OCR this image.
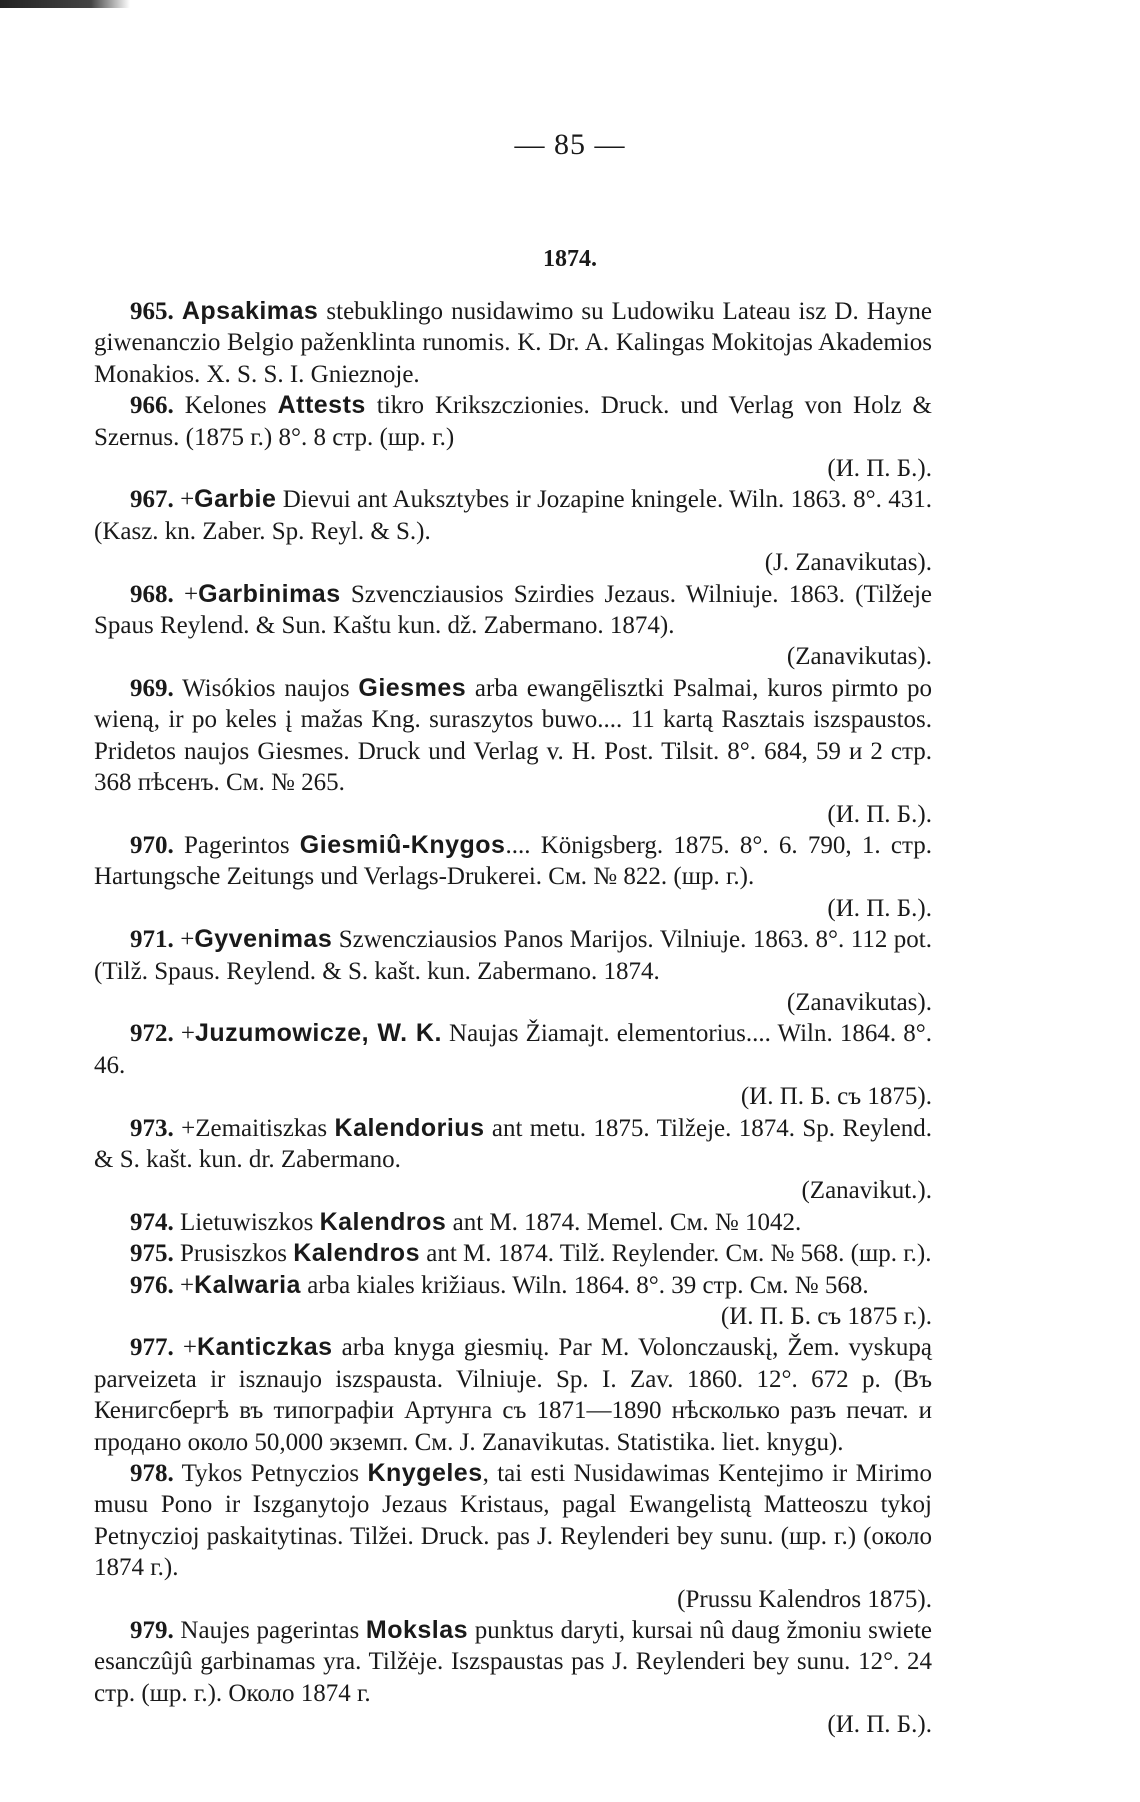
— 85 —
1874.

965. Apsakimas stebuklingo nusidawimo su Ludowiku Lateau isz D. Hayne giwenanczio Belgio paženklinta runomis. K. Dr. A. Kalingas Mokitojas Akademios Monakios. X. S. S. I. Gnieznoje.

966. Kelones Attests tikro Krikszczionies. Druck. und Verlag von Holz & Szernus. (1875 г.) 8°. 8 стр. (шр. г.)
(И. П. Б.).

967. +Garbie Dievui ant Auksztybes ir Jozapine kningele. Wiln. 1863. 8°. 431. (Kasz. kn. Zaber. Sp. Reyl. & S.).
(J. Zanavikutas).

968. +Garbinimas Szvencziausios Szirdies Jezaus. Wilniuje. 1863. (Tilžeje Spaus Reylend. & Sun. Kaštu kun. dž. Zabermano. 1874).
(Zanavikutas).

969. Wisókios naujos Giesmes arba ewangēlisztki Psalmai, kuros pirmto po wieną, ir po keles į mažas Kng. suraszytos buwo.... 11 kartą Rasztais iszspaustos. Pridetos naujos Giesmes. Druck und Verlag v. H. Post. Tilsit. 8°. 684, 59 и 2 стр. 368 пѣсенъ. См. № 265.
(И. П. Б.).

970. Pagerintos Giesmiû-Knygos.... Königsberg. 1875. 8°. 6. 790, 1. стр. Hartungsche Zeitungs und Verlags-Drukerei. См. № 822. (шр. г.).
(И. П. Б.).

971. +Gyvenimas Szwencziausios Panos Marijos. Vilniuje. 1863. 8°. 112 pot. (Tilž. Spaus. Reylend. & S. kašt. kun. Zabermano. 1874.
(Zanavikutas).

972. +Juzumowicze, W. K. Naujas Žiamajt. elementorius.... Wiln. 1864. 8°. 46.
(И. П. Б. съ 1875).

973. +Zemaitiszkas Kalendorius ant metu. 1875. Tilžeje. 1874. Sp. Reylend. & S. kašt. kun. dr. Zabermano.
(Zanavikut.).

974. Lietuwiszkos Kalendros ant M. 1874. Memel. См. № 1042.

975. Prusiszkos Kalendros ant M. 1874. Tilž. Reylender. См. № 568. (шр. г.).

976. +Kalwaria arba kiales križiaus. Wiln. 1864. 8°. 39 стр. См. № 568.
(И. П. Б. съ 1875 г.).

977. +Kanticzkas arba knyga giesmių. Par M. Volonczauskį, Žem. vyskupą parveizeta ir isznaujo iszspausta. Vilniuje. Sp. I. Zav. 1860. 12°. 672 p. (Въ Кенигсбергѣ въ типографіи Артунга съ 1871—1890 нѣсколько разъ печат. и продано около 50,000 экземп. См. J. Zanavikutas. Statistika. liet. knygu).

978. Tykos Petnyczios Knygeles, tai esti Nusidawimas Kentejimo ir Mirimo musu Pono ir Iszganytojo Jezaus Kristaus, pagal Ewangelistą Matteoszu tykoj Petnyczioj paskaitytinas. Tilžei. Druck. pas J. Reylenderi bey sunu. (шр. г.) (около 1874 г.).
(Prussu Kalendros 1875).

979. Naujes pagerintas Mokslas punktus daryti, kursai nû daug žmoniu swiete esanczûjû garbinamas yra. Tilžėje. Iszspaustas pas J. Reylenderi bey sunu. 12°. 24 стр. (шр. г.). Около 1874 г.
(И. П. Б.).
